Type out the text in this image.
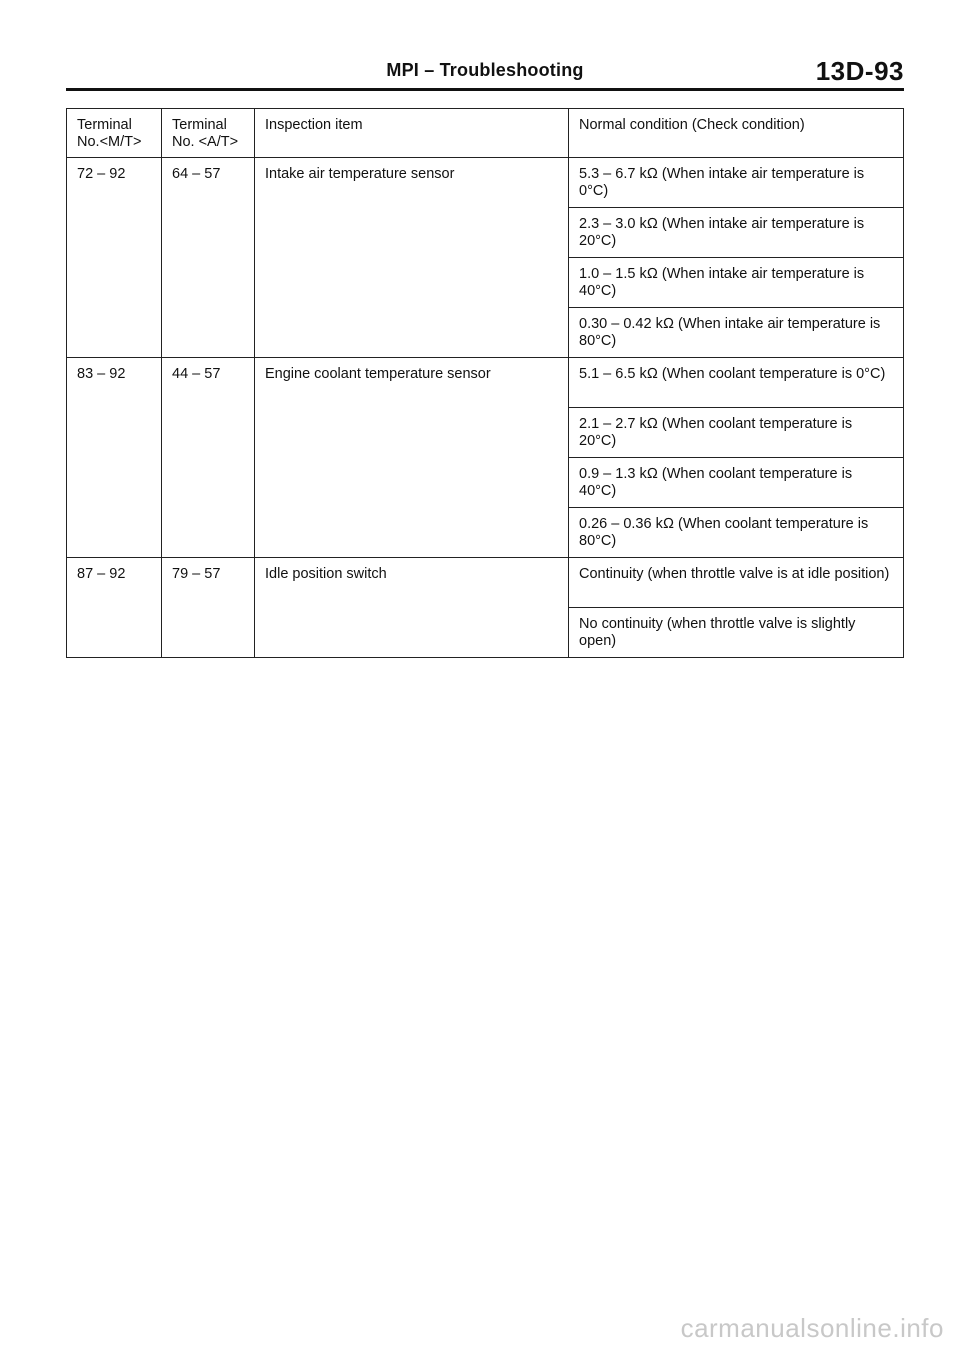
MPI – Troubleshooting	13D-93
Terminal No.<M/T>	Terminal No. <A/T>	Inspection item	Normal condition (Check condition)
72 – 92	64 – 57	Intake air temperature sensor	5.3 – 6.7 kΩ (When intake air temperature is 0°C)
			2.3 – 3.0 kΩ (When intake air temperature is 20°C)
			1.0 – 1.5 kΩ (When intake air temperature is 40°C)
			0.30 – 0.42 kΩ (When intake air temperature is 80°C)
83 – 92	44 – 57	Engine coolant temperature sensor	5.1 – 6.5 kΩ (When coolant temperature is 0°C)
			2.1 – 2.7 kΩ (When coolant temperature is 20°C)
			0.9 – 1.3 kΩ (When coolant temperature is 40°C)
			0.26 – 0.36 kΩ (When coolant temperature is 80°C)
87 – 92	79 – 57	Idle position switch	Continuity (when throttle valve is at idle position)
			No continuity (when throttle valve is slightly open)
carmanualsonline.info
